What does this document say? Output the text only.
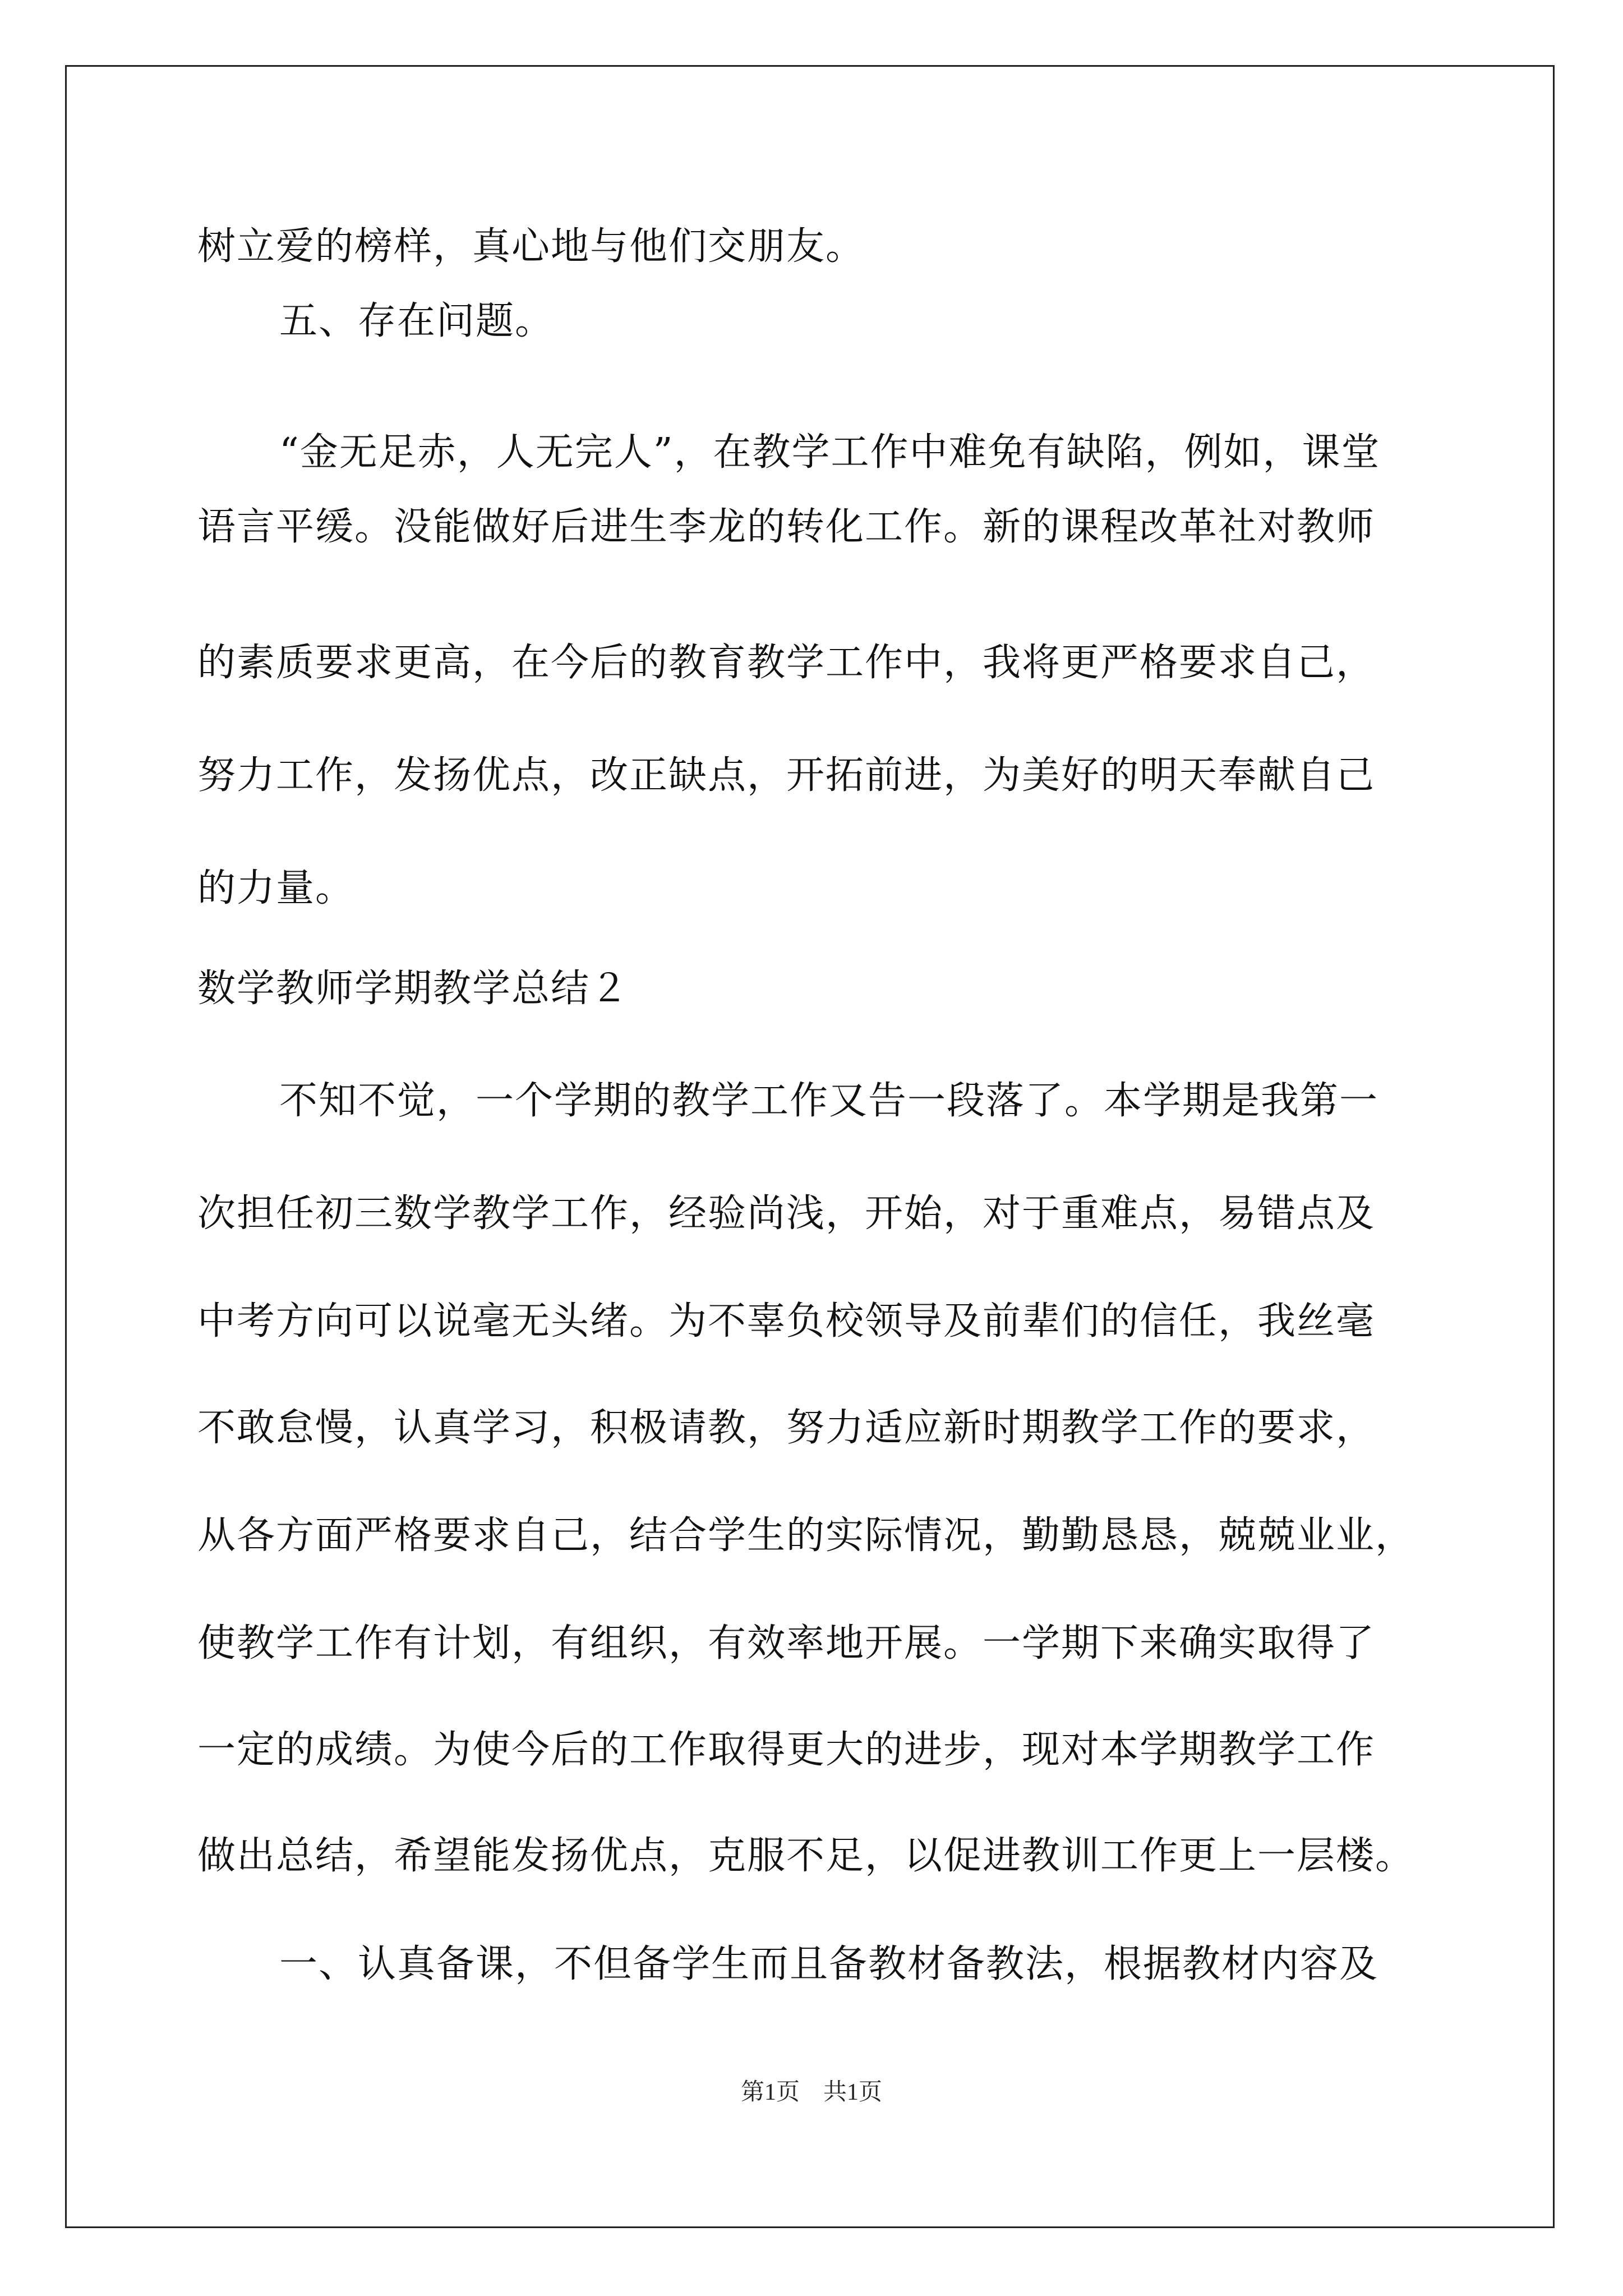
树立爱的榜样，真心地与他们交朋友。
五、存在问题。
“金无足赤，人无完人”，在教学工作中难免有缺陷，例如，课堂
语言平缓。没能做好后进生李龙的转化工作。新的课程改革社对教师
的素质要求更高，在今后的教育教学工作中，我将更严格要求自己，
努力工作，发扬优点，改正缺点，开拓前进，为美好的明天奉献自己
的力量。
数学教师学期教学总结２
不知不觉，一个学期的教学工作又告一段落了。本学期是我第一
次担任初三数学教学工作，经验尚浅，开始，对于重难点，易错点及
中考方向可以说毫无头绪。为不辜负校领导及前辈们的信任，我丝毫
不敢怠慢，认真学习，积极请教，努力适应新时期教学工作的要求，
从各方面严格要求自己，结合学生的实际情况，勤勤恳恳，兢兢业业，
使教学工作有计划，有组织，有效率地开展。一学期下来确实取得了
一定的成绩。为使今后的工作取得更大的进步，现对本学期教学工作
做出总结，希望能发扬优点，克服不足，以促进教训工作更上一层楼。
一、认真备课，不但备学生而且备教材备教法，根据教材内容及
第1页　共1页
